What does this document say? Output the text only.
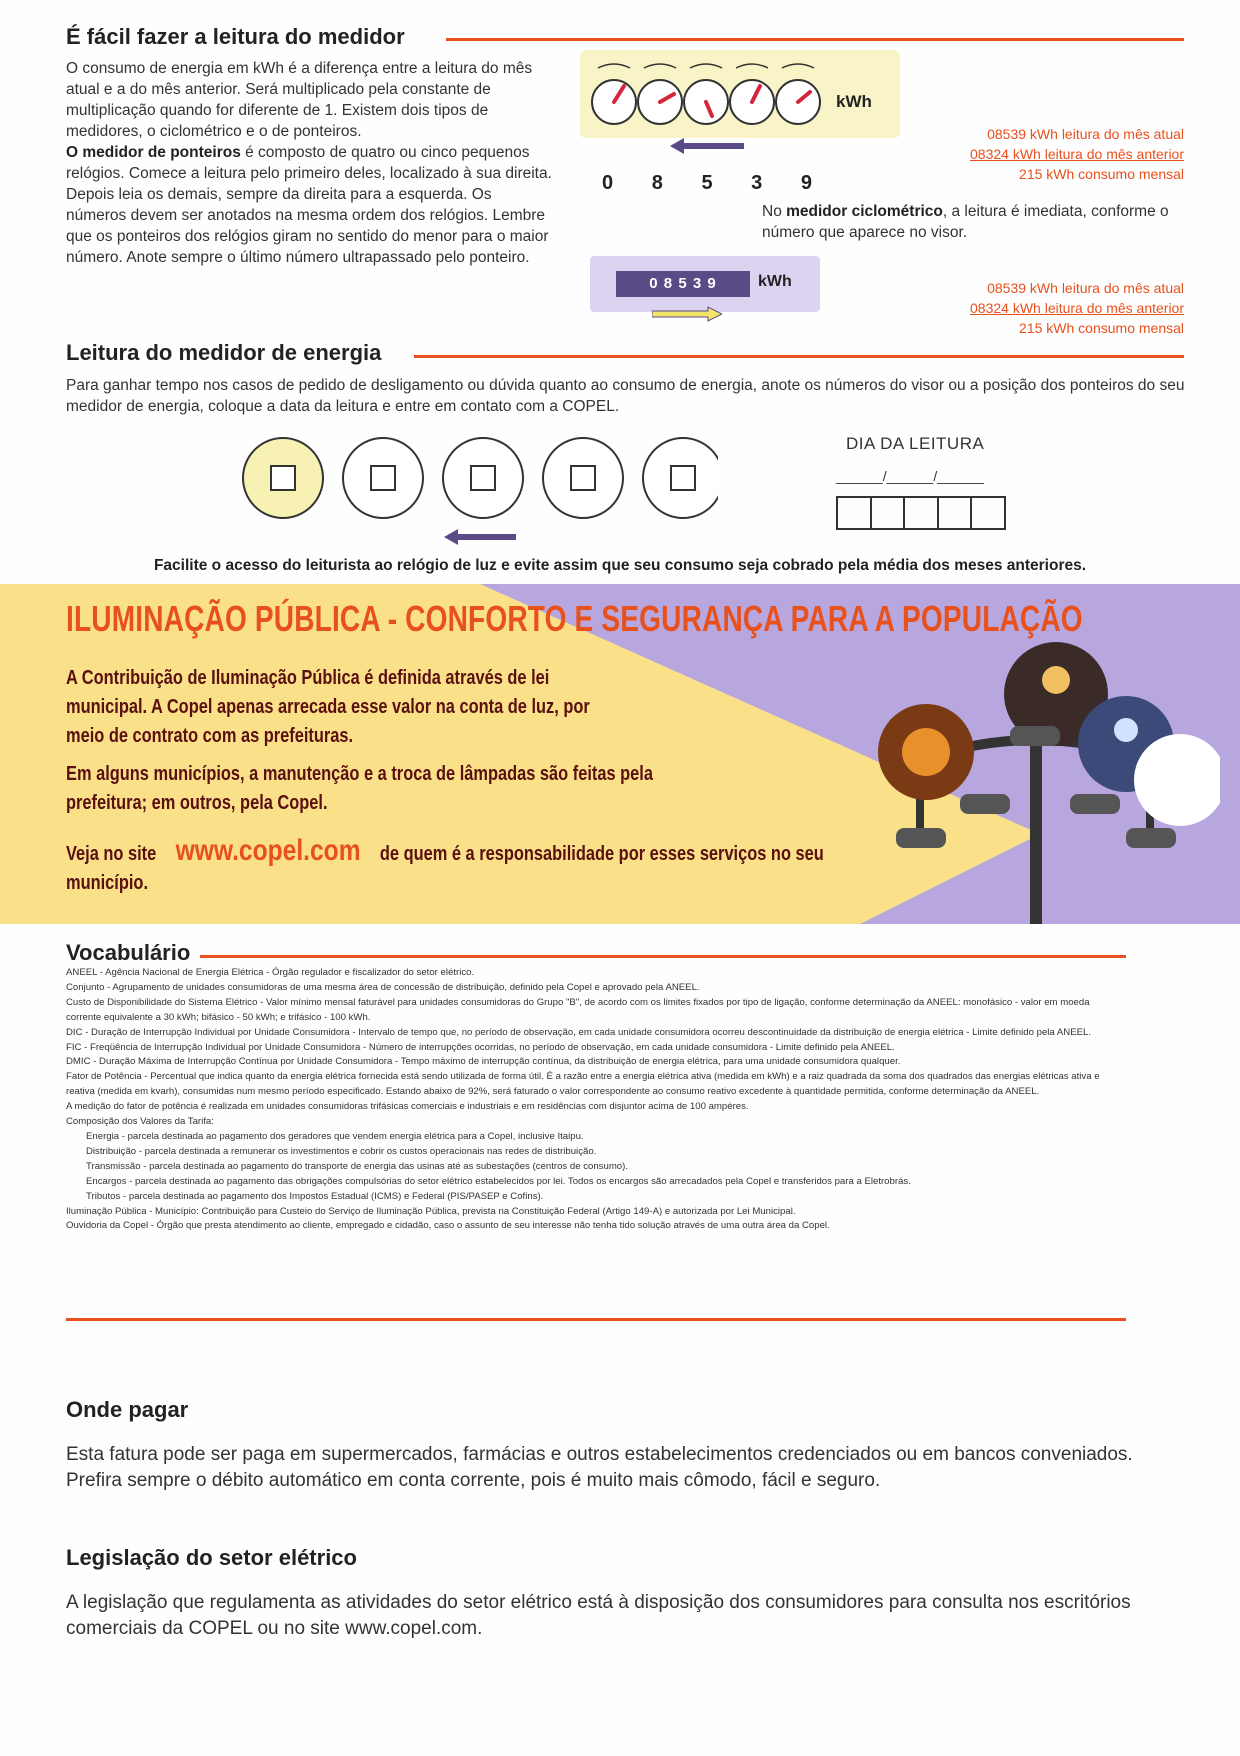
É fácil fazer a leitura do medidor
O consumo de energia em kWh é a diferença entre a leitura do mês atual e a do mês anterior. Será multiplicado pela constante de multiplicação quando for diferente de 1. Existem dois tipos de medidores, o ciclométrico e o de ponteiros.
O medidor de ponteiros é composto de quatro ou cinco pequenos relógios. Comece a leitura pelo primeiro deles, localizado à sua direita. Depois leia os demais, sempre da direita para a esquerda. Os números devem ser anotados na mesma ordem dos relógios. Lembre que os ponteiros dos relógios giram no sentido do menor para o maior número. Anote sempre o último número ultrapassado pelo ponteiro.
kWh
0 8 5 3 9
08539 kWh leitura do mês atual
08324 kWh leitura do mês anterior
215 kWh consumo mensal
No medidor ciclométrico, a leitura é imediata, conforme o número que aparece no visor.
0 8 5 3 9	kWh	08539 kWh leitura do mês atual
08324 kWh leitura do mês anterior
215 kWh consumo mensal
Leitura do medidor de energia
Para ganhar tempo nos casos de pedido de desligamento ou dúvida quanto ao consumo de energia, anote os números do visor ou a posição dos ponteiros do seu medidor de energia, coloque a data da leitura e entre em contato com a COPEL.
DIA DA LEITURA
______/______/______
Facilite o acesso do leiturista ao relógio de luz e evite assim que seu consumo seja cobrado pela média dos meses anteriores.
ILUMINAÇÃO PÚBLICA - CONFORTO E SEGURANÇA PARA A POPULAÇÃO
A Contribuição de Iluminação Pública é definida através de lei municipal. A Copel apenas arrecada esse valor na conta de luz, por meio de contrato com as prefeituras.
Em alguns municípios, a manutenção e a troca de lâmpadas são feitas pela prefeitura; em outros, pela Copel.
Veja no site www.copel.com de quem é a responsabilidade por esses serviços no seu município.
Vocabulário
ANEEL - Agência Nacional de Energia Elétrica - Órgão regulador e fiscalizador do setor elétrico.
Conjunto - Agrupamento de unidades consumidoras de uma mesma área de concessão de distribuição, definido pela Copel e aprovado pela ANEEL.
Custo de Disponibilidade do Sistema Elétrico - Valor mínimo mensal faturável para unidades consumidoras do Grupo "B", de acordo com os limites fixados por tipo de ligação, conforme determinação da ANEEL: monofásico - valor em moeda corrente equivalente a 30 kWh; bifásico - 50 kWh; e trifásico - 100 kWh.
DIC - Duração de Interrupção Individual por Unidade Consumidora - Intervalo de tempo que, no período de observação, em cada unidade consumidora ocorreu descontinuidade da distribuição de energia elétrica - Limite definido pela ANEEL.
FIC - Freqüência de Interrupção Individual por Unidade Consumidora - Número de interrupções ocorridas, no período de observação, em cada unidade consumidora - Limite definido pela ANEEL.
DMIC - Duração Máxima de Interrupção Contínua por Unidade Consumidora - Tempo máximo de interrupção contínua, da distribuição de energia elétrica, para uma unidade consumidora qualquer.
Fator de Potência - Percentual que indica quanto da energia elétrica fornecida está sendo utilizada de forma útil. É a razão entre a energia elétrica ativa (medida em kWh) e a raiz quadrada da soma dos quadrados das energias elétricas ativa e reativa (medida em kvarh), consumidas num mesmo período especificado. Estando abaixo de 92%, será faturado o valor correspondente ao consumo reativo excedente à quantidade permitida, conforme determinação da ANEEL.
A medição do fator de potência é realizada em unidades consumidoras trifásicas comerciais e industriais e em residências com disjuntor acima de 100 ampères.
Composição dos Valores da Tarifa:
Energia - parcela destinada ao pagamento dos geradores que vendem energia elétrica para a Copel, inclusive Itaipu.
Distribuição - parcela destinada a remunerar os investimentos e cobrir os custos operacionais nas redes de distribuição.
Transmissão - parcela destinada ao pagamento do transporte de energia das usinas até as subestações (centros de consumo).
Encargos - parcela destinada ao pagamento das obrigações compulsórias do setor elétrico estabelecidos por lei. Todos os encargos são arrecadados pela Copel e transferidos para a Eletrobrás.
Tributos - parcela destinada ao pagamento dos Impostos Estadual (ICMS) e Federal (PIS/PASEP e Cofins).
Iluminação Pública - Município: Contribuição para Custeio do Serviço de Iluminação Pública, prevista na Constituição Federal (Artigo 149-A) e autorizada por Lei Municipal.
Ouvidoria da Copel - Órgão que presta atendimento ao cliente, empregado e cidadão, caso o assunto de seu interesse não tenha tido solução através de uma outra área da Copel.
Onde pagar
Esta fatura pode ser paga em supermercados, farmácias e outros estabelecimentos credenciados ou em bancos conveniados. Prefira sempre o débito automático em conta corrente, pois é muito mais cômodo, fácil e seguro.
Legislação do setor elétrico
A legislação que regulamenta as atividades do setor elétrico está à disposição dos consumidores para consulta nos escritórios comerciais da COPEL ou no site www.copel.com.
